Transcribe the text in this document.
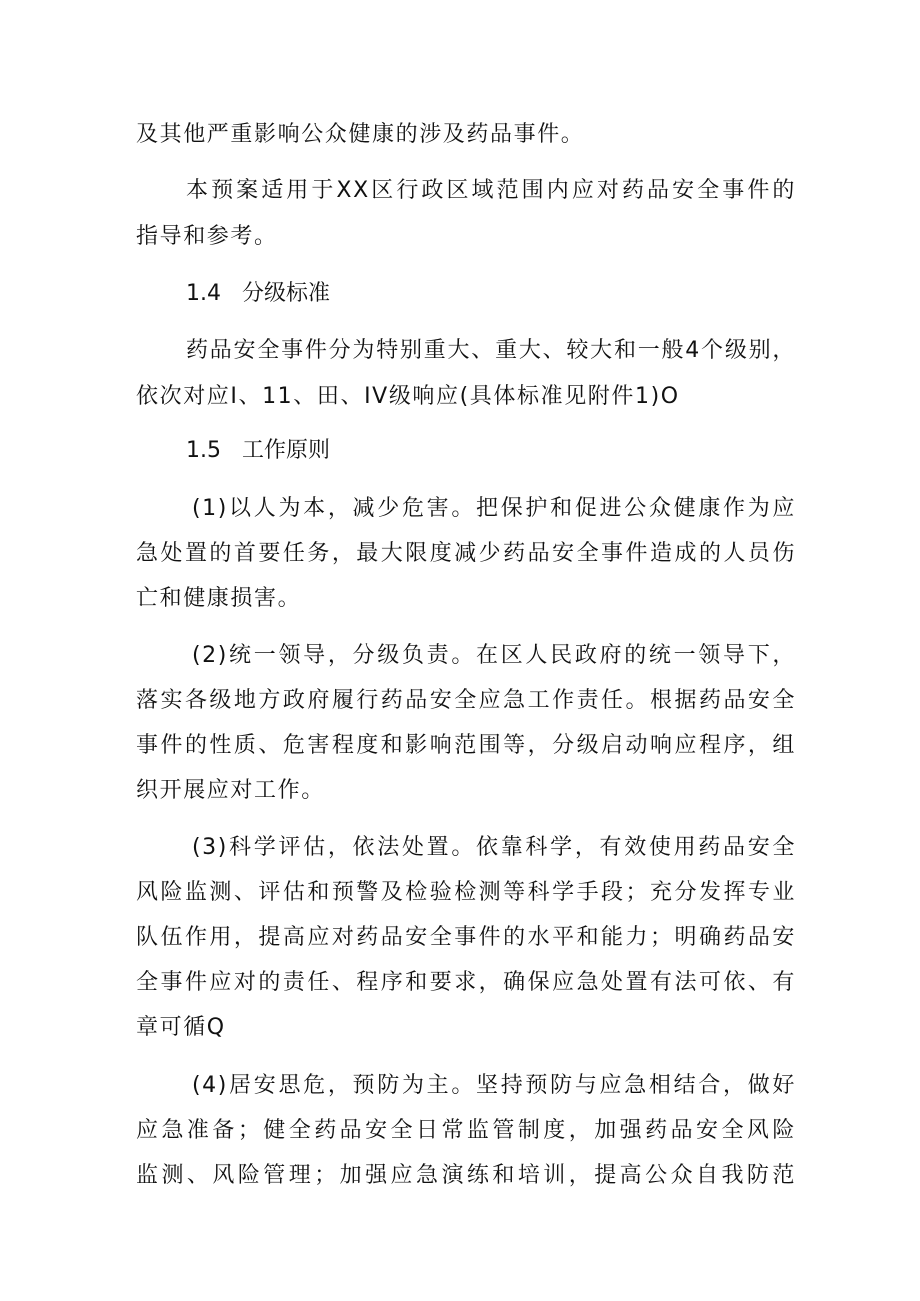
及其他严重影响公众健康的涉及药品事件。
本预案适用于XX区行政区域范围内应对药品安全事件的
指导和参考。
1.4 分级标准
药品安全事件分为特别重大、重大、较大和一般4个级别，
依次对应I、11、田、IV级响应(具体标准见附件1)O
1.5 工作原则
(1)以人为本，减少危害。把保护和促进公众健康作为应
急处置的首要任务，最大限度减少药品安全事件造成的人员伤
亡和健康损害。
(2)统一领导，分级负责。在区人民政府的统一领导下，
落实各级地方政府履行药品安全应急工作责任。根据药品安全
事件的性质、危害程度和影响范围等，分级启动响应程序，组
织开展应对工作。
(3)科学评估，依法处置。依靠科学，有效使用药品安全
风险监测、评估和预警及检验检测等科学手段；充分发挥专业
队伍作用，提高应对药品安全事件的水平和能力；明确药品安
全事件应对的责任、程序和要求，确保应急处置有法可依、有
章可循Q
(4)居安思危，预防为主。坚持预防与应急相结合，做好
应急准备；健全药品安全日常监管制度，加强药品安全风险
监测、风险管理；加强应急演练和培训，提高公众自我防范
